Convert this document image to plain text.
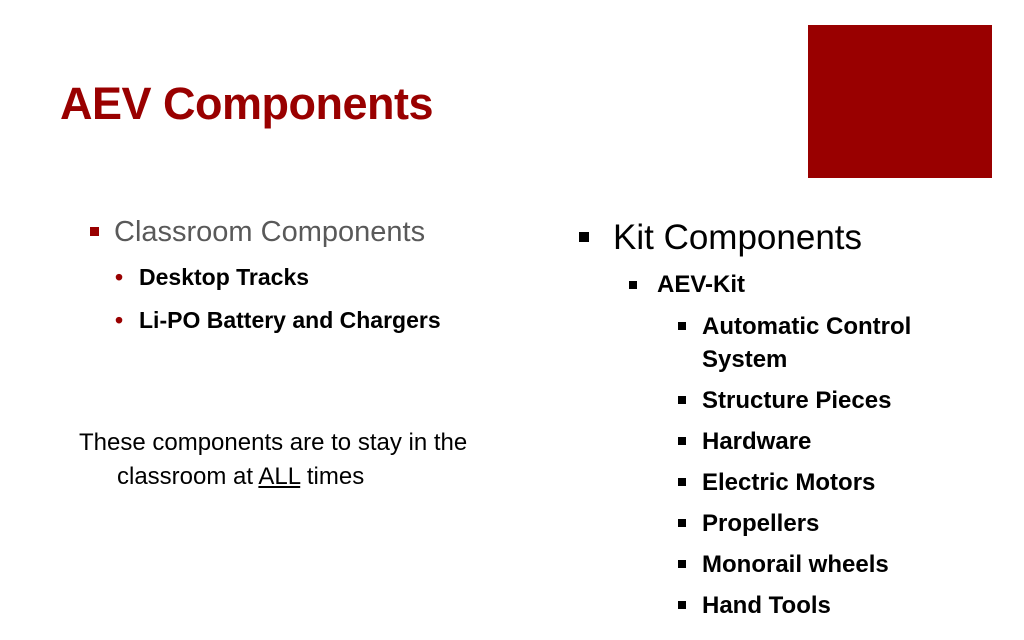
AEV Components
Classroom Components
• Desktop Tracks
• Li-PO Battery and Chargers
These components are to stay in the
classroom at ALL times
Kit Components
AEV-Kit
Automatic Control System
Structure Pieces
Hardware
Electric Motors
Propellers
Monorail wheels
Hand Tools
